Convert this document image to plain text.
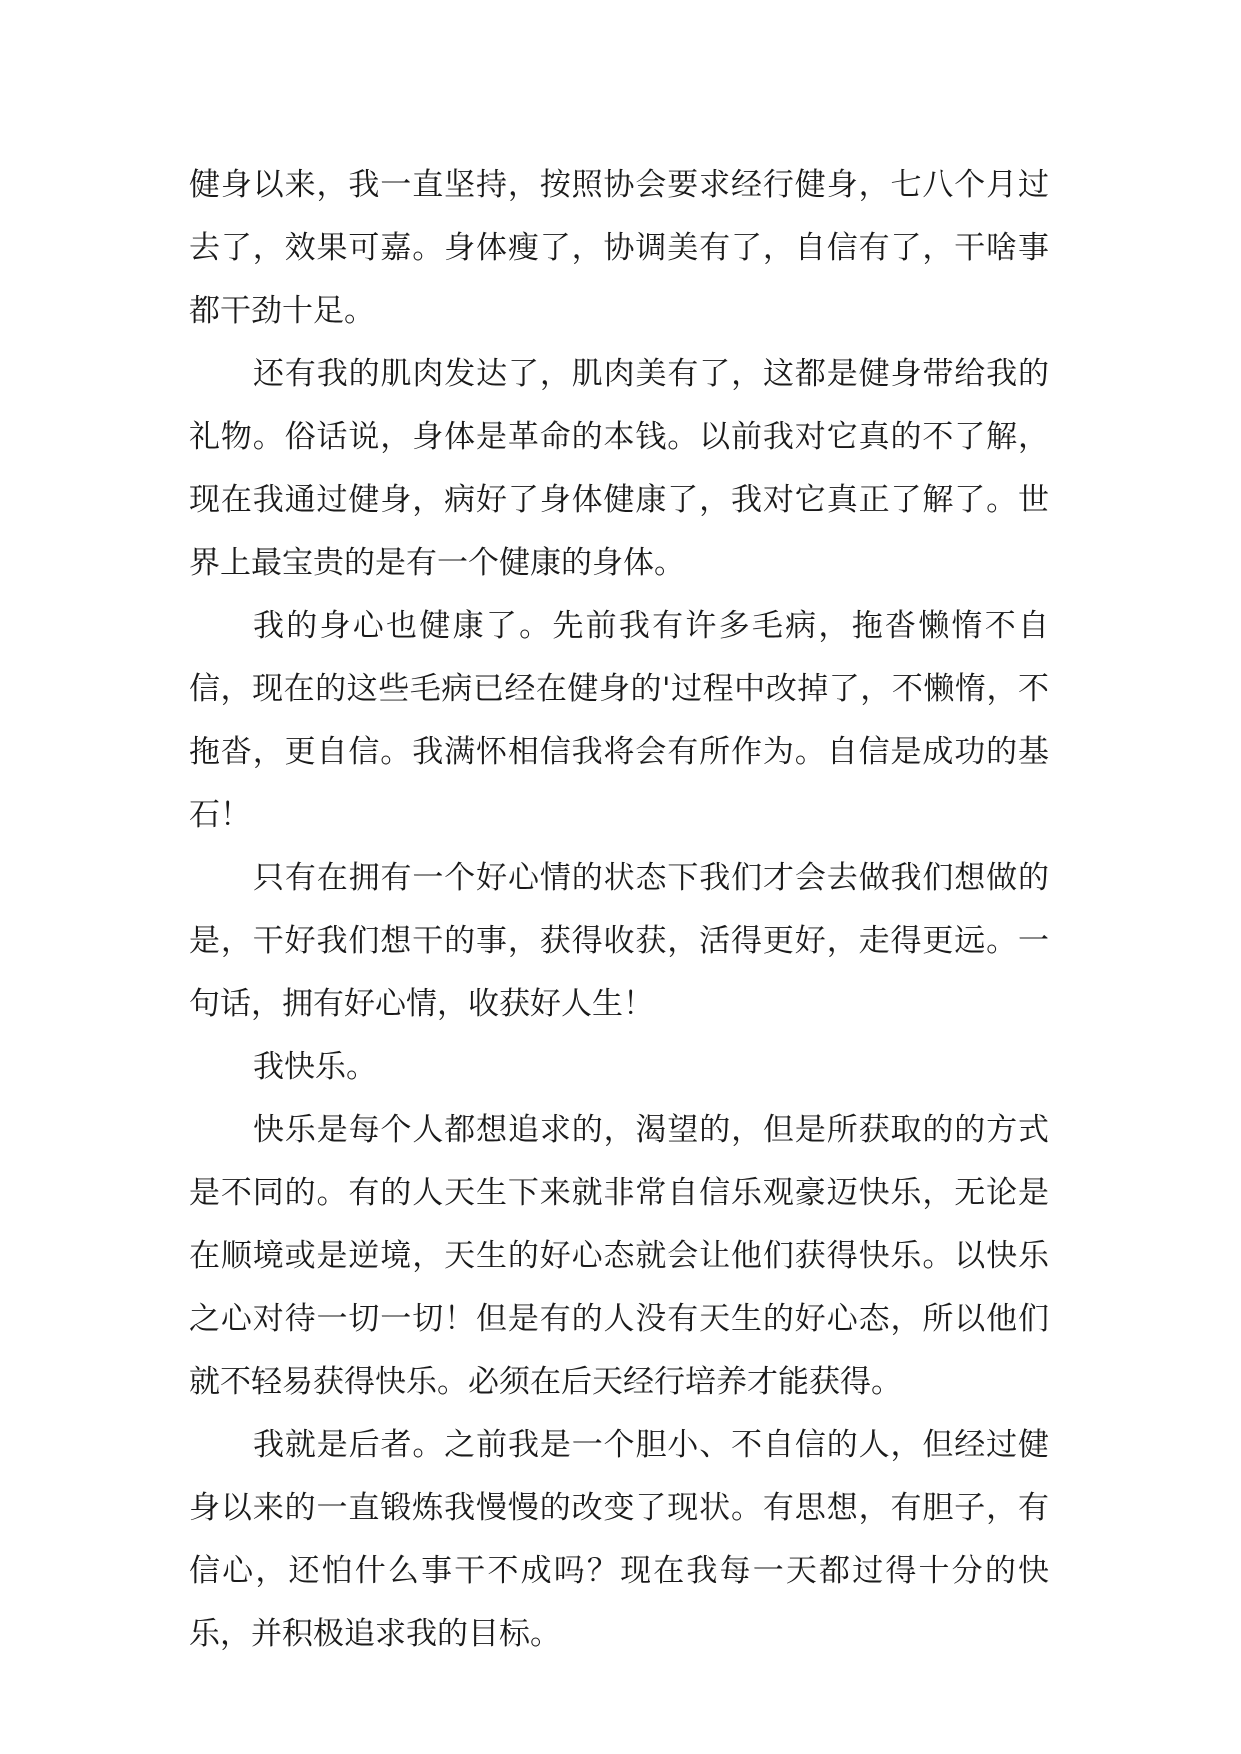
健身以来，我一直坚持，按照协会要求经行健身，七八个月过去了，效果可嘉。身体瘦了，协调美有了，自信有了，干啥事都干劲十足。

还有我的肌肉发达了，肌肉美有了，这都是健身带给我的礼物。俗话说，身体是革命的本钱。以前我对它真的不了解，现在我通过健身，病好了身体健康了，我对它真正了解了。世界上最宝贵的是有一个健康的身体。

我的身心也健康了。先前我有许多毛病，拖沓懒惰不自信，现在的这些毛病已经在健身的'过程中改掉了，不懒惰，不拖沓，更自信。我满怀相信我将会有所作为。自信是成功的基石！

只有在拥有一个好心情的状态下我们才会去做我们想做的是，干好我们想干的事，获得收获，活得更好，走得更远。一句话，拥有好心情，收获好人生！

我快乐。

快乐是每个人都想追求的，渴望的，但是所获取的的方式是不同的。有的人天生下来就非常自信乐观豪迈快乐，无论是在顺境或是逆境，天生的好心态就会让他们获得快乐。以快乐之心对待一切一切！但是有的人没有天生的好心态，所以他们就不轻易获得快乐。必须在后天经行培养才能获得。

我就是后者。之前我是一个胆小、不自信的人，但经过健身以来的一直锻炼我慢慢的改变了现状。有思想，有胆子，有信心，还怕什么事干不成吗？现在我每一天都过得十分的快乐，并积极追求我的目标。
